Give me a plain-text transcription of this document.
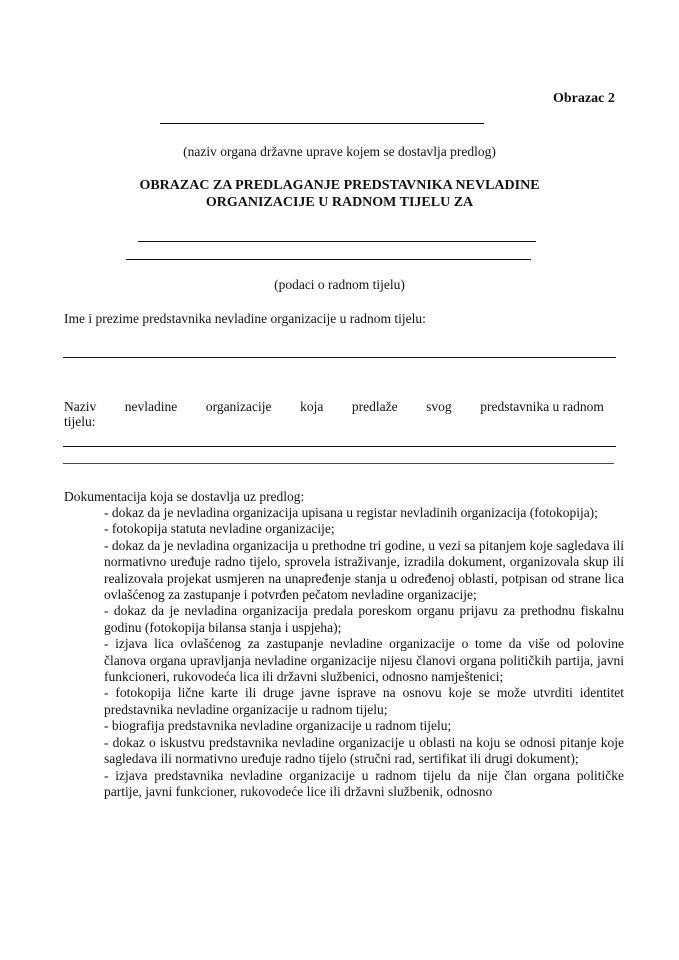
Obrazac 2
(naziv organa državne uprave kojem se dostavlja predlog)
OBRAZAC ZA PREDLAGANJE PREDSTAVNIKA NEVLADINE
ORGANIZACIJE U RADNOM TIJELU ZA
(podaci o radnom tijelu)
Ime i prezime predstavnika nevladine organizacije u radnom tijelu:
Naziv nevladine organizacije koja predlaže svog predstavnika u radnom
tijelu:
Dokumentacija koja se dostavlja uz predlog:
- dokaz da je nevladina organizacija upisana u registar nevladinih organizacija (fotokopija);
- fotokopija statuta nevladine organizacije;
- dokaz da je nevladina organizacija u prethodne tri godine, u vezi sa pitanjem koje sagledava ili normativno uređuje radno tijelo, sprovela istraživanje, izradila dokument, organizovala skup ili realizovala projekat usmjeren na unapređenje stanja u određenoj oblasti, potpisan od strane lica ovlašćenog za zastupanje i potvrđen pečatom nevladine organizacije;
- dokaz da je nevladina organizacija predala poreskom organu prijavu za prethodnu fiskalnu godinu (fotokopija bilansa stanja i uspjeha);
- izjava lica ovlašćenog za zastupanje nevladine organizacije o tome da više od polovine članova organa upravljanja nevladine organizacije nijesu članovi organa političkih partija, javni funkcioneri, rukovodeća lica ili državni službenici, odnosno namještenici;
- fotokopija lične karte ili druge javne isprave na osnovu koje se može utvrditi identitet predstavnika nevladine organizacije u radnom tijelu;
- biografija predstavnika nevladine organizacije u radnom tijelu;
- dokaz o iskustvu predstavnika nevladine organizacije u oblasti na koju se odnosi pitanje koje sagledava ili normativno uređuje radno tijelo (stručni rad, sertifikat ili drugi dokument);
- izjava predstavnika nevladine organizacije u radnom tijelu da nije član organa političke partije, javni funkcioner, rukovodeće lice ili državni službenik, odnosno
